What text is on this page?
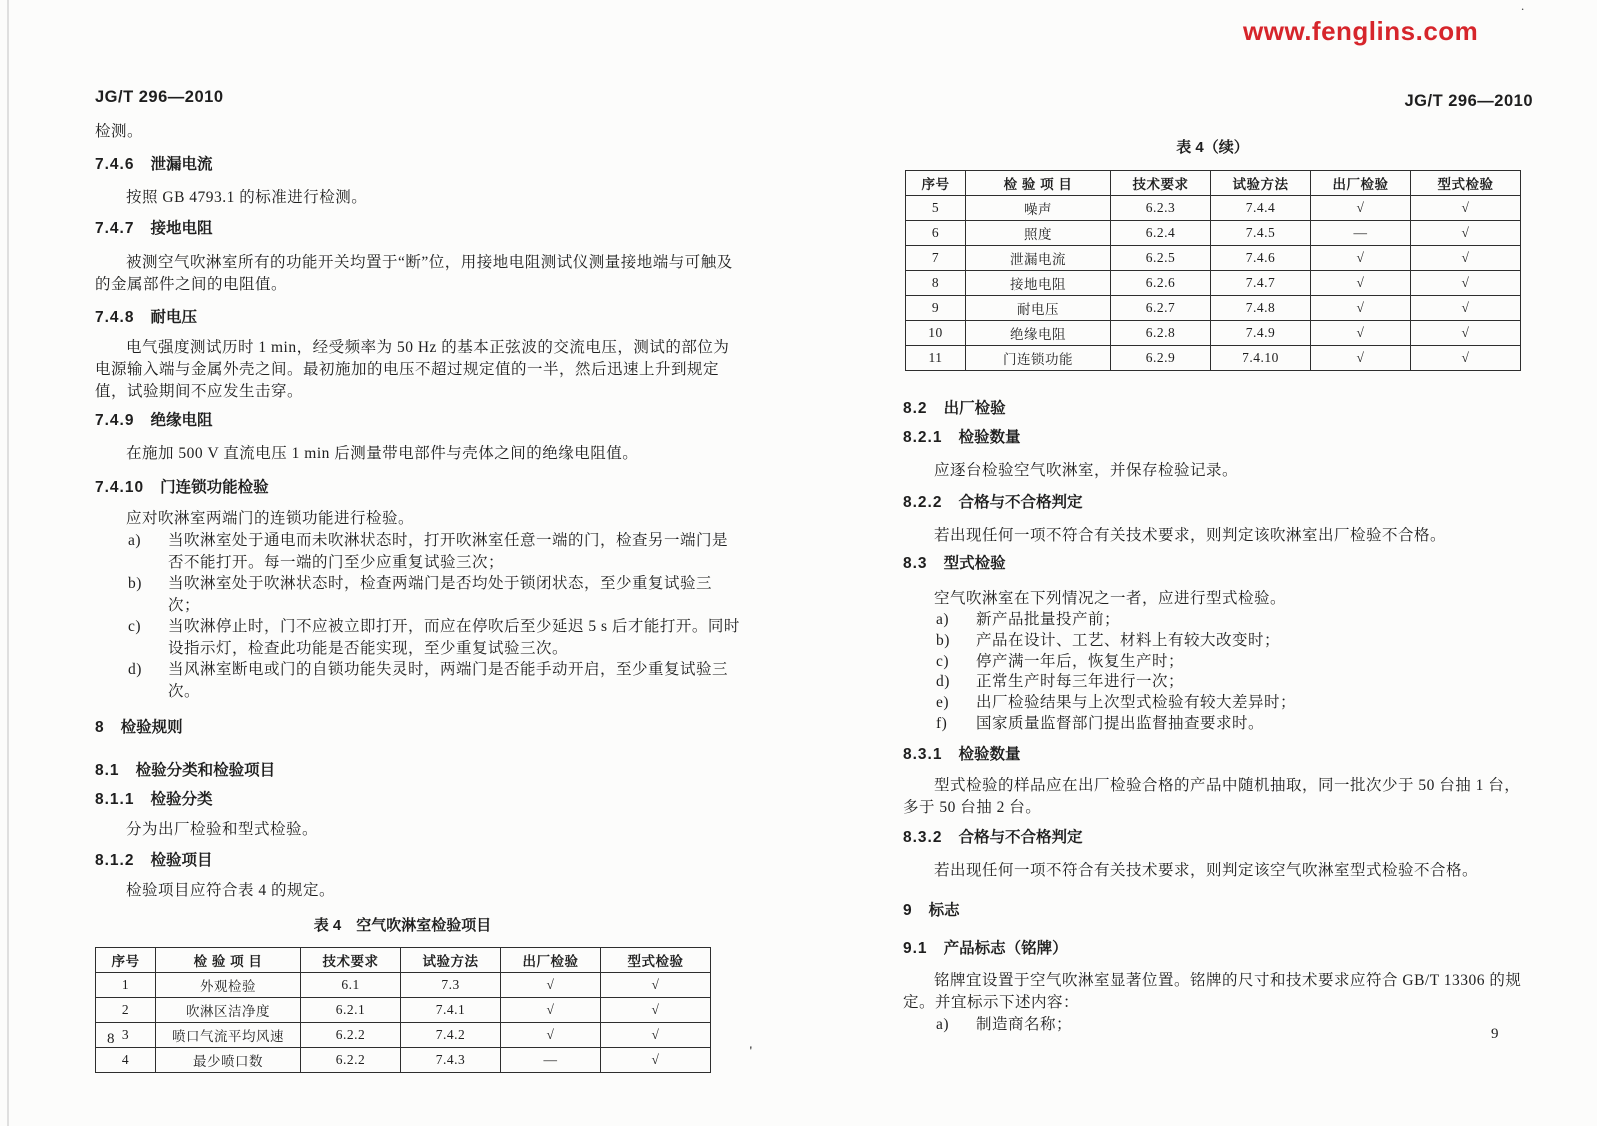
www.fenglins.com
JG/T 296—2010

检测。

7.4.6 泄漏电流

按照 GB 4793.1 的标准进行检测。

7.4.7 接地电阻

被测空气吹淋室所有的功能开关均置于“断”位，用接地电阻测试仪测量接地端与可触及的金属部件之间的电阻值。

7.4.8 耐电压

电气强度测试历时 1 min，经受频率为 50 Hz 的基本正弦波的交流电压，测试的部位为电源输入端与金属外壳之间。最初施加的电压不超过规定值的一半，然后迅速上升到规定值，试验期间不应发生击穿。

7.4.9 绝缘电阻

在施加 500 V 直流电压 1 min 后测量带电部件与壳体之间的绝缘电阻值。

7.4.10 门连锁功能检验

应对吹淋室两端门的连锁功能进行检验。

a)	当吹淋室处于通电而未吹淋状态时，打开吹淋室任意一端的门，检查另一端门是否不能打开。每一端的门至少应重复试验三次；
b)	当吹淋室处于吹淋状态时，检查两端门是否均处于锁闭状态，至少重复试验三次；
c)	当吹淋停止时，门不应被立即打开，而应在停吹后至少延迟 5 s 后才能打开。同时设指示灯，检查此功能是否能实现，至少重复试验三次。
d)	当风淋室断电或门的自锁功能失灵时，两端门是否能手动开启，至少重复试验三次。
8 检验规则
8.1 检验分类和检验项目
8.1.1 检验分类

分为出厂检验和型式检验。

8.1.2 检验项目

检验项目应符合表 4 的规定。

表 4　空气吹淋室检验项目
序号	检 验 项 目	技术要求	试验方法	出厂检验	型式检验
1	外观检验	6.1	7.3	√	√
2	吹淋区洁净度	6.2.1	7.4.1	√	√
3	喷口气流平均风速	6.2.2	7.4.2	√	√
4	最少喷口数	6.2.2	7.4.3	—	√
JG/T 296—2010
表 4（续）
序号	检 验 项 目	技术要求	试验方法	出厂检验	型式检验
5	噪声	6.2.3	7.4.4	√	√
6	照度	6.2.4	7.4.5	—	√
7	泄漏电流	6.2.5	7.4.6	√	√
8	接地电阻	6.2.6	7.4.7	√	√
9	耐电压	6.2.7	7.4.8	√	√
10	绝缘电阻	6.2.8	7.4.9	√	√
11	门连锁功能	6.2.9	7.4.10	√	√
8.2 出厂检验
8.2.1 检验数量

应逐台检验空气吹淋室，并保存检验记录。

8.2.2 合格与不合格判定

若出现任何一项不符合有关技术要求，则判定该吹淋室出厂检验不合格。

8.3 型式检验

空气吹淋室在下列情况之一者，应进行型式检验。

a)	新产品批量投产前；
b)	产品在设计、工艺、材料上有较大改变时；
c)	停产满一年后，恢复生产时；
d)	正常生产时每三年进行一次；
e)	出厂检验结果与上次型式检验有较大差异时；
f)	国家质量监督部门提出监督抽查要求时。
8.3.1 检验数量

型式检验的样品应在出厂检验合格的产品中随机抽取，同一批次少于 50 台抽 1 台，多于 50 台抽 2 台。

8.3.2 合格与不合格判定

若出现任何一项不符合有关技术要求，则判定该空气吹淋室型式检验不合格。

9 标志
9.1 产品标志（铭牌）

铭牌宜设置于空气吹淋室显著位置。铭牌的尺寸和技术要求应符合 GB/T 13306 的规定。并宜标示下述内容：

a)	制造商名称；
8	9
'
.
